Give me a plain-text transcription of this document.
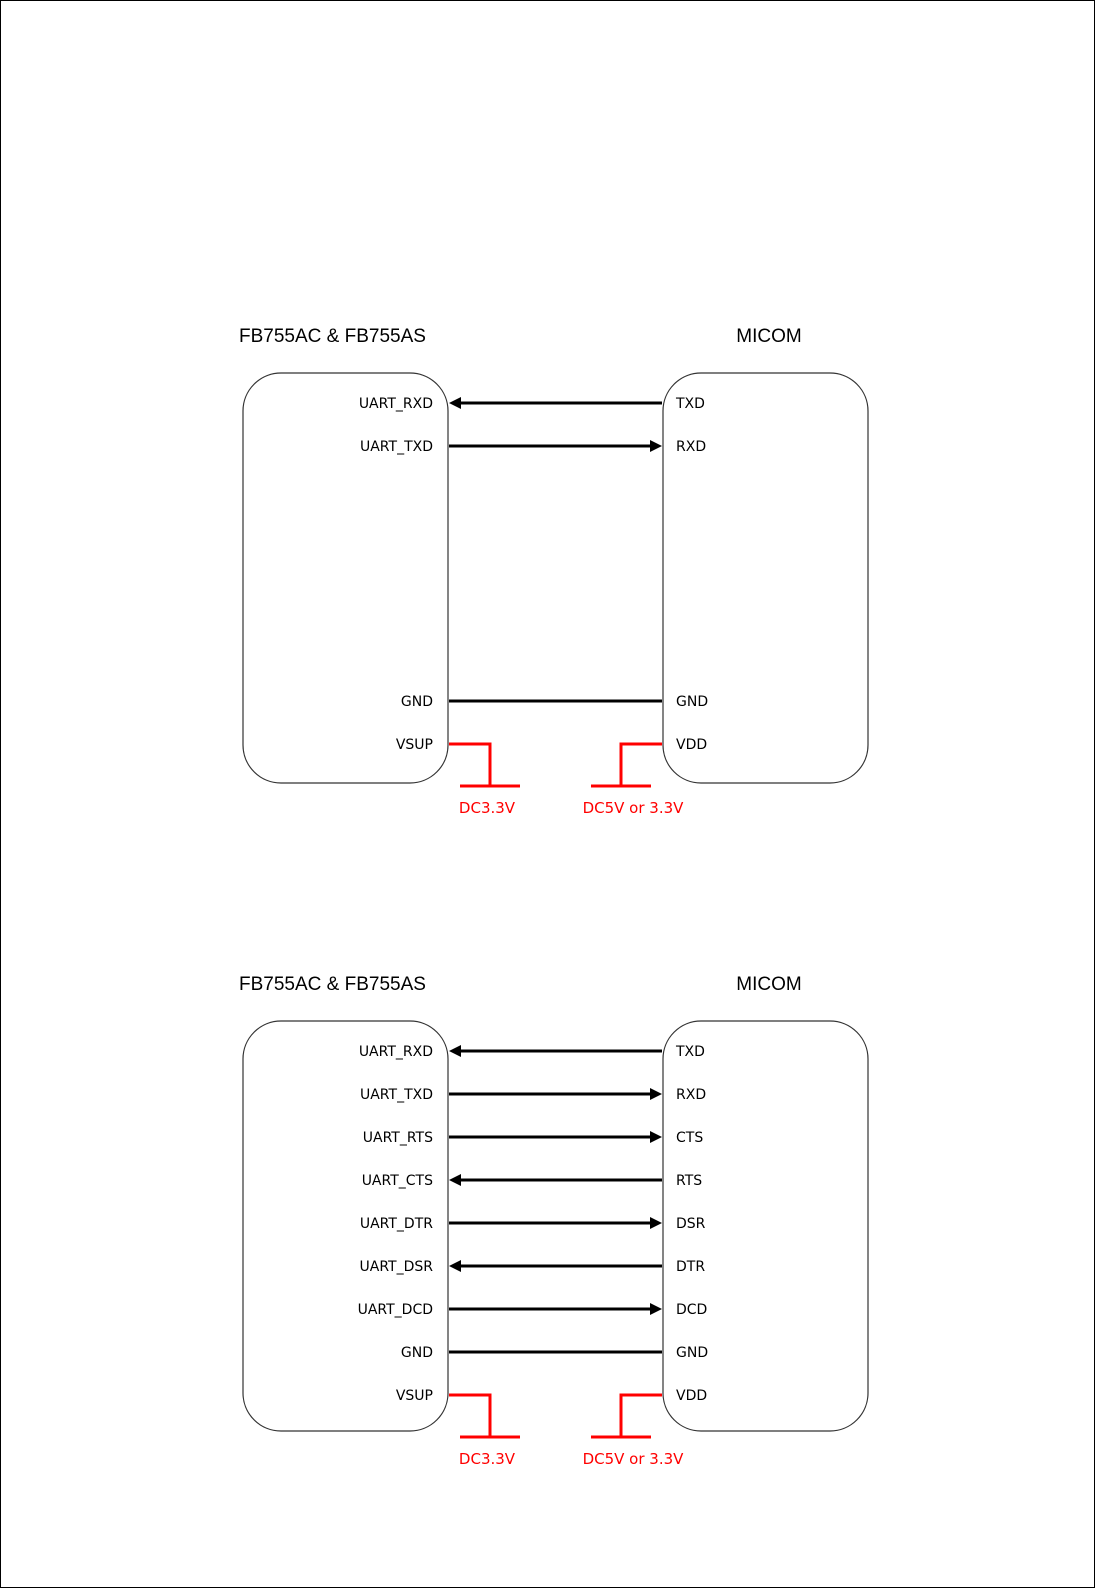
FB755AC & FB755AS	MICOM
UART_RXD	TXD
UART_TXD	RXD
GND	GND
VSUP	VDD
DC3.3V	DC5V or 3.3V
FB755AC & FB755AS	MICOM
UART_RXD	TXD
UART_TXD	RXD
UART_RTS	CTS
UART_CTS	RTS
UART_DTR	DSR
UART_DSR	DTR
UART_DCD	DCD
GND	GND
VSUP	VDD
DC3.3V	DC5V or 3.3V
